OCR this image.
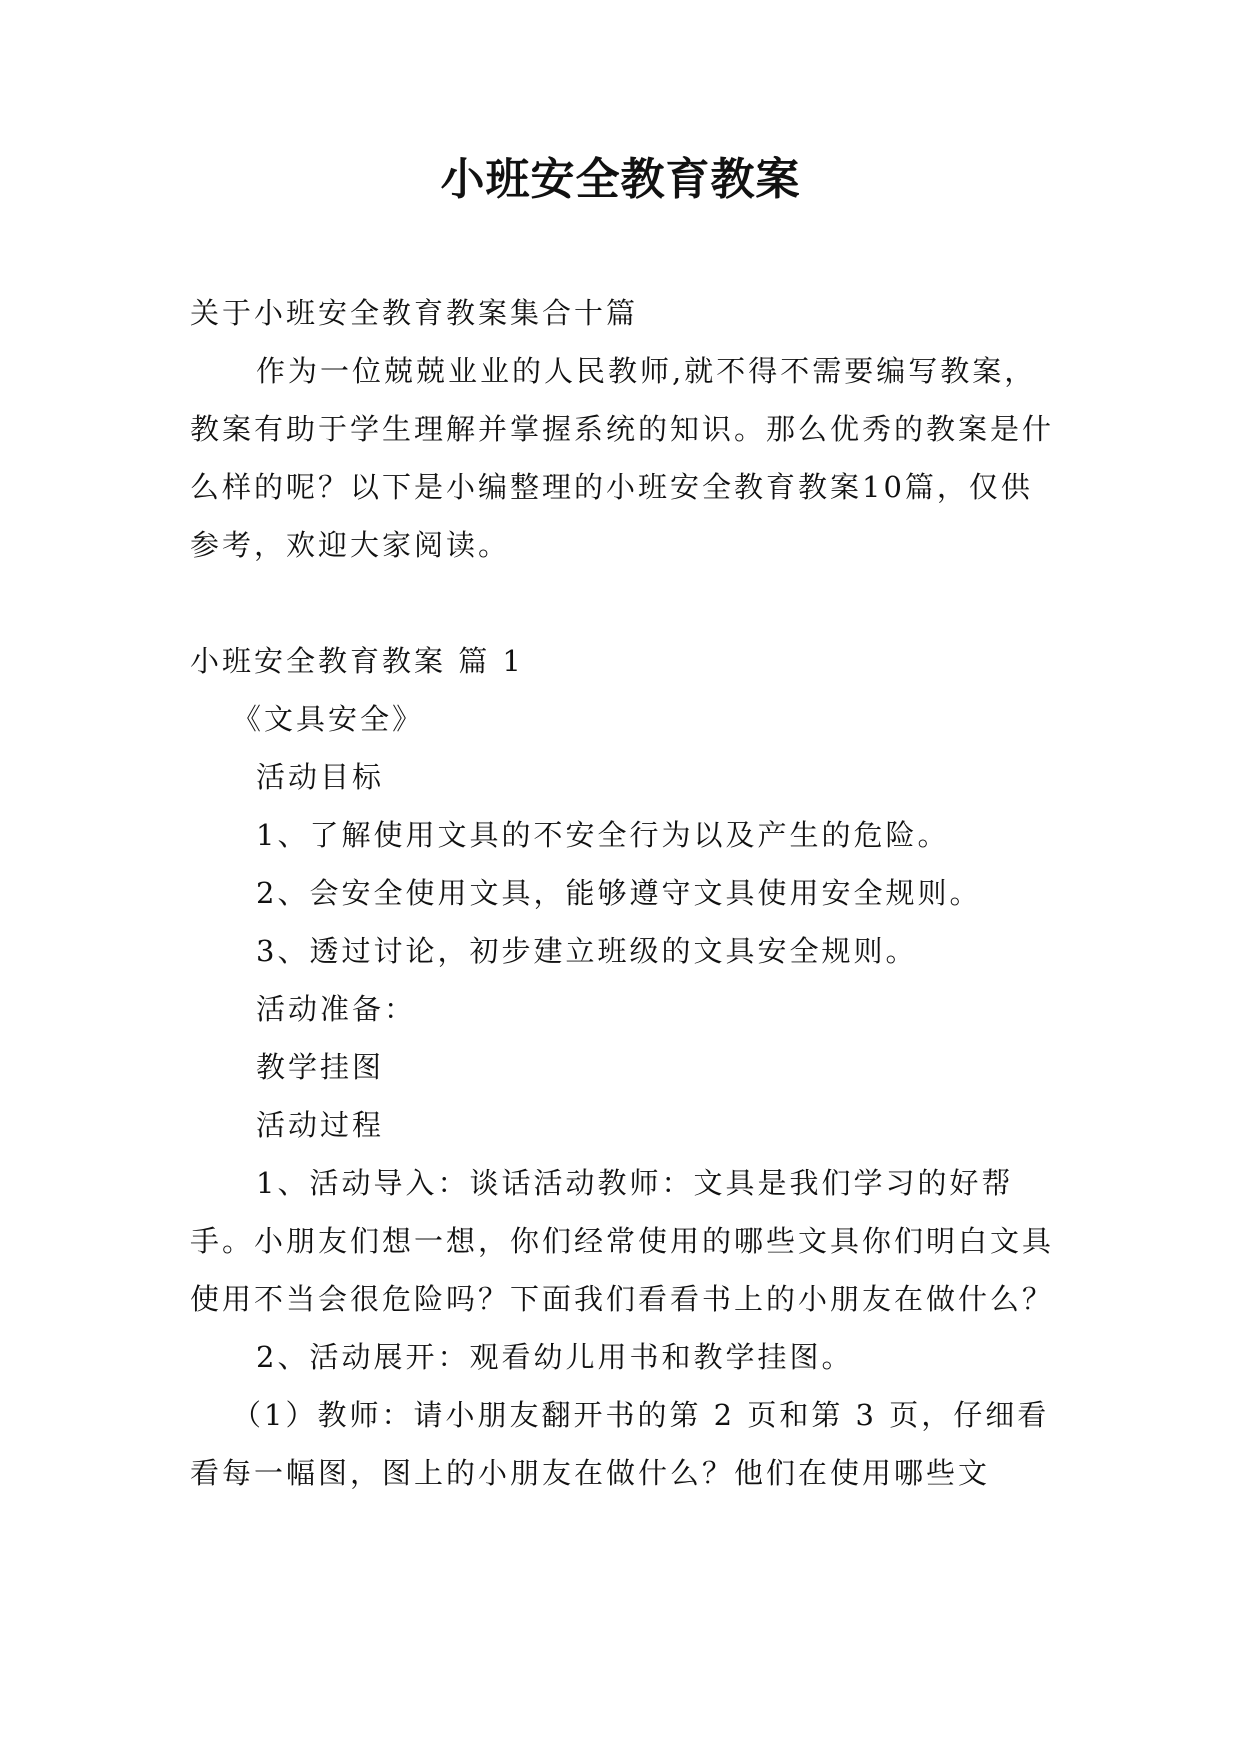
小班安全教育教案

关于小班安全教育教案集合十篇

作为一位兢兢业业的人民教师,就不得不需要编写教案，教案有助于学生理解并掌握系统的知识。那么优秀的教案是什么样的呢？以下是小编整理的小班安全教育教案10篇，仅供参考，欢迎大家阅读。

小班安全教育教案 篇 1

《文具安全》

活动目标

1、了解使用文具的不安全行为以及产生的危险。

2、会安全使用文具，能够遵守文具使用安全规则。

3、透过讨论，初步建立班级的文具安全规则。

活动准备：

教学挂图

活动过程

1、活动导入：谈话活动教师：文具是我们学习的好帮手。小朋友们想一想，你们经常使用的哪些文具你们明白文具使用不当会很危险吗？下面我们看看书上的小朋友在做什么？

2、活动展开：观看幼儿用书和教学挂图。

（1）教师：请小朋友翻开书的第 2 页和第 3 页，仔细看看每一幅图，图上的小朋友在做什么？他们在使用哪些文
